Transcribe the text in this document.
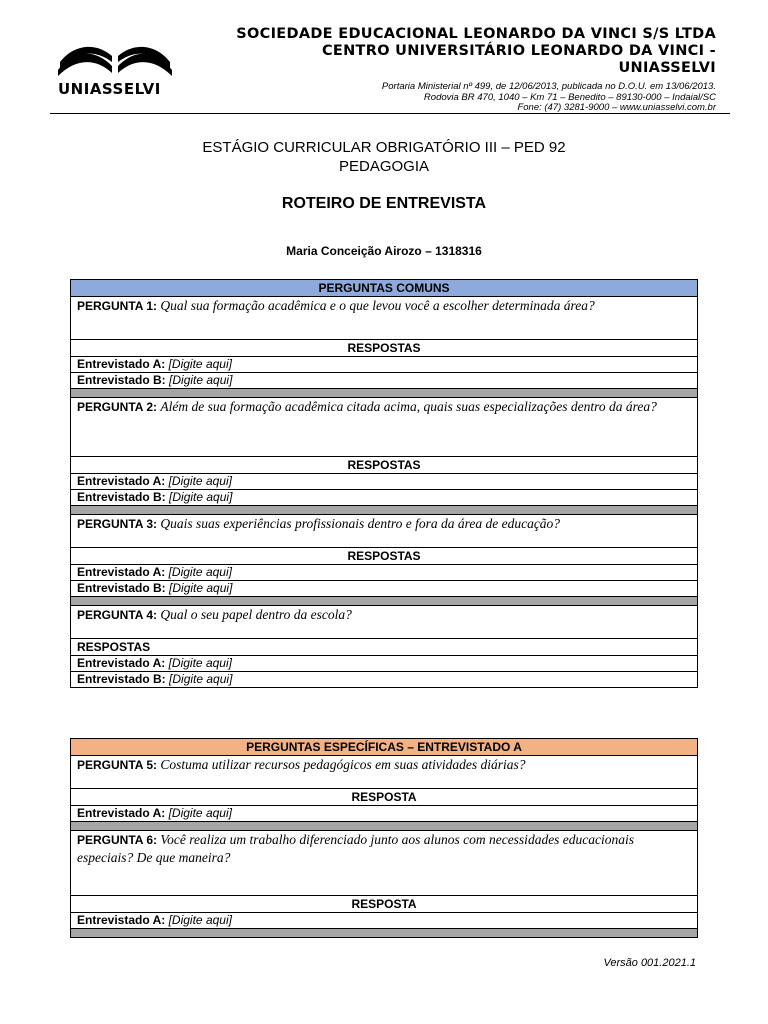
UNIASSELVI
SOCIEDADE EDUCACIONAL LEONARDO DA VINCI S/S LTDA
CENTRO UNIVERSITÁRIO LEONARDO DA VINCI -
UNIASSELVI
Portaria Ministerial nº 499, de 12/06/2013, publicada no D.O.U. em 13/06/2013.
Rodovia BR 470, 1040 – Km 71 – Benedito – 89130-000 – Indaial/SC
Fone: (47) 3281-9000 – www.uniasselvi.com.br
ESTÁGIO CURRICULAR OBRIGATÓRIO III – PED 92
PEDAGOGIA
ROTEIRO DE ENTREVISTA
Maria Conceição Airozo – 1318316
PERGUNTAS COMUNS
PERGUNTA 1: Qual sua formação acadêmica e o que levou você a escolher determinada área?
RESPOSTAS
Entrevistado A: [Digite aqui]
Entrevistado B: [Digite aqui]

PERGUNTA 2: Além de sua formação acadêmica citada acima, quais suas especializações dentro da área?
RESPOSTAS
Entrevistado A: [Digite aqui]
Entrevistado B: [Digite aqui]

PERGUNTA 3: Quais suas experiências profissionais dentro e fora da área de educação?
RESPOSTAS
Entrevistado A: [Digite aqui]
Entrevistado B: [Digite aqui]

PERGUNTA 4: Qual o seu papel dentro da escola?
RESPOSTAS
Entrevistado A: [Digite aqui]
Entrevistado B: [Digite aqui]
PERGUNTAS ESPECÍFICAS – ENTREVISTADO A
PERGUNTA 5: Costuma utilizar recursos pedagógicos em suas atividades diárias?
RESPOSTA
Entrevistado A: [Digite aqui]

PERGUNTA 6: Você realiza um trabalho diferenciado junto aos alunos com necessidades educacionais especiais? De que maneira?
RESPOSTA
Entrevistado A: [Digite aqui]

Versão 001.2021.1
